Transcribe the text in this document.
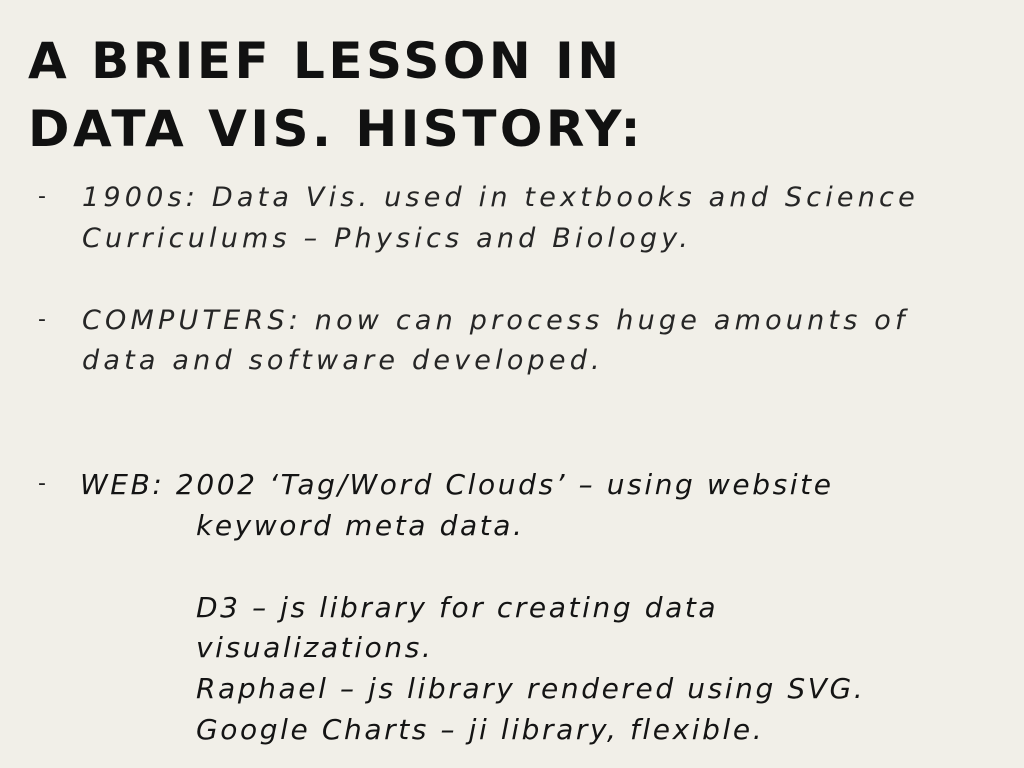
A BRIEF LESSON IN
DATA VIS. HISTORY:
- 1900s: Data Vis. used in textbooks and Science
Curriculums – Physics and Biology.
- COMPUTERS: now can process huge amounts of
data and software developed.
- WEB: 2002 ‘Tag/Word Clouds’ – using website
keyword meta data.
D3 – js library for creating data
visualizations.
Raphael – js library rendered using SVG.
Google Charts – ji library, flexible.
